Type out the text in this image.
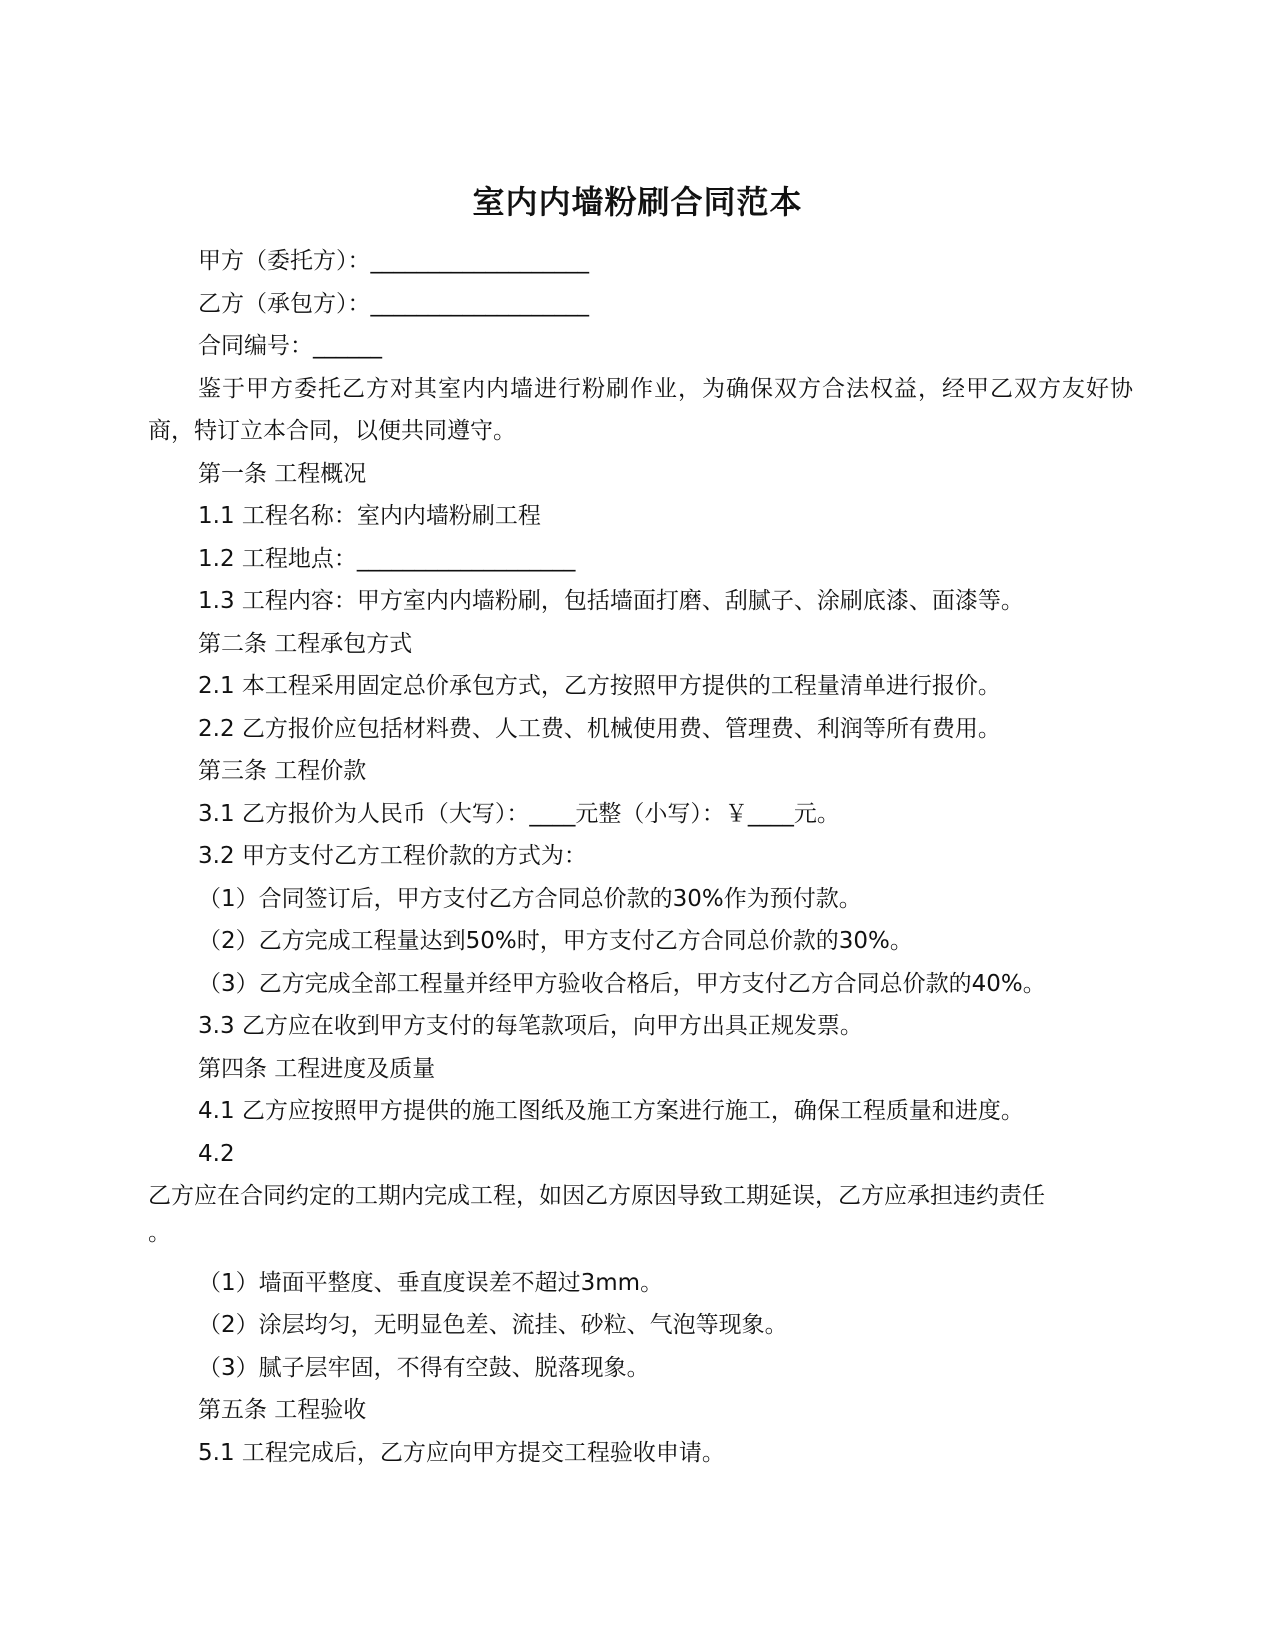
室内内墙粉刷合同范本

甲方（委托方）：___________________

乙方（承包方）：___________________

合同编号：______

鉴于甲方委托乙方对其室内内墙进行粉刷作业，为确保双方合法权益，经甲乙双方友好协商，特订立本合同，以便共同遵守。

第一条 工程概况

1.1 工程名称：室内内墙粉刷工程

1.2 工程地点：___________________

1.3 工程内容：甲方室内内墙粉刷，包括墙面打磨、刮腻子、涂刷底漆、面漆等。

第二条 工程承包方式

2.1 本工程采用固定总价承包方式，乙方按照甲方提供的工程量清单进行报价。

2.2 乙方报价应包括材料费、人工费、机械使用费、管理费、利润等所有费用。

第三条 工程价款

3.1 乙方报价为人民币（大写）：____元整（小写）：￥____元。

3.2 甲方支付乙方工程价款的方式为：

（1）合同签订后，甲方支付乙方合同总价款的30%作为预付款。

（2）乙方完成工程量达到50%时，甲方支付乙方合同总价款的30%。

（3）乙方完成全部工程量并经甲方验收合格后，甲方支付乙方合同总价款的40%。

3.3 乙方应在收到甲方支付的每笔款项后，向甲方出具正规发票。

第四条 工程进度及质量

4.1 乙方应按照甲方提供的施工图纸及施工方案进行施工，确保工程质量和进度。

4.2

乙方应在合同约定的工期内完成工程，如因乙方原因导致工期延误，乙方应承担违约责任

。

（1）墙面平整度、垂直度误差不超过3mm。

（2）涂层均匀，无明显色差、流挂、砂粒、气泡等现象。

（3）腻子层牢固，不得有空鼓、脱落现象。

第五条 工程验收

5.1 工程完成后，乙方应向甲方提交工程验收申请。
